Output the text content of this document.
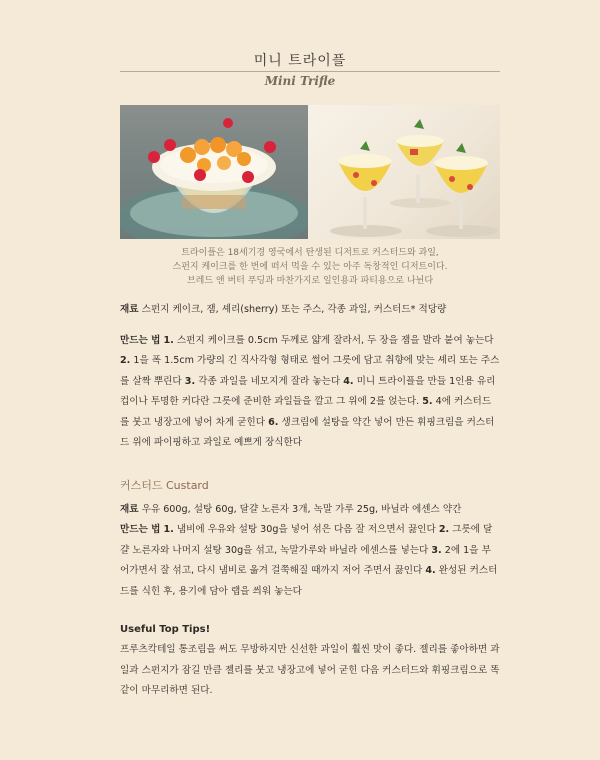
미니 트라이플
Mini Trifle
트라이플은 18세기경 영국에서 탄생된 디저트로 커스터드와 과일,
스펀지 케이크를 한 번에 떠서 먹을 수 있는 아주 독창적인 디저트이다.
브레드 앤 버터 푸딩과 마찬가지로 일인용과 파티용으로 나뉜다

재료 스펀지 케이크, 잼, 셰리(sherry) 또는 주스, 각종 과일, 커스터드* 적당량

만드는 법 1. 스펀지 케이크를 0.5cm 두께로 얇게 잘라서, 두 장을 잼을 발라 붙여 놓는다 2. 1을 폭 1.5cm 가량의 긴 직사각형 형태로 썰어 그릇에 담고 취향에 맞는 셰리 또는 주스를 살짝 뿌린다 3. 각종 과일을 네모지게 잘라 놓는다 4. 미니 트라이플을 만들 1인용 유리컵이나 투명한 커다란 그릇에 준비한 과일들을 깔고 그 위에 2를 얹는다. 5. 4에 커스터드를 붓고 냉장고에 넣어 차게 굳힌다 6. 생크림에 설탕을 약간 넣어 만든 휘핑크림을 커스터드 위에 파이핑하고 과일로 예쁘게 장식한다

커스터드 Custard

재료 우유 600g, 설탕 60g, 달걀 노른자 3개, 녹말 가루 25g, 바닐라 에센스 약간

만드는 법 1. 냄비에 우유와 설탕 30g을 넣어 섞은 다음 잘 저으면서 끓인다 2. 그릇에 달걀 노른자와 나머지 설탕 30g을 섞고, 녹말가루와 바닐라 에센스를 넣는다 3. 2에 1을 부어가면서 잘 섞고, 다시 냄비로 옮겨 걸쭉해질 때까지 저어 주면서 끓인다 4. 완성된 커스터드를 식힌 후, 용기에 담아 랩을 씌워 놓는다

Useful Top Tips!

프루츠칵테일 통조림을 써도 무방하지만 신선한 과일이 훨씬 맛이 좋다. 젤리를 좋아하면 과일과 스펀지가 잠길 만큼 젤리를 붓고 냉장고에 넣어 굳힌 다음 커스터드와 휘핑크림으로 똑같이 마무리하면 된다.
